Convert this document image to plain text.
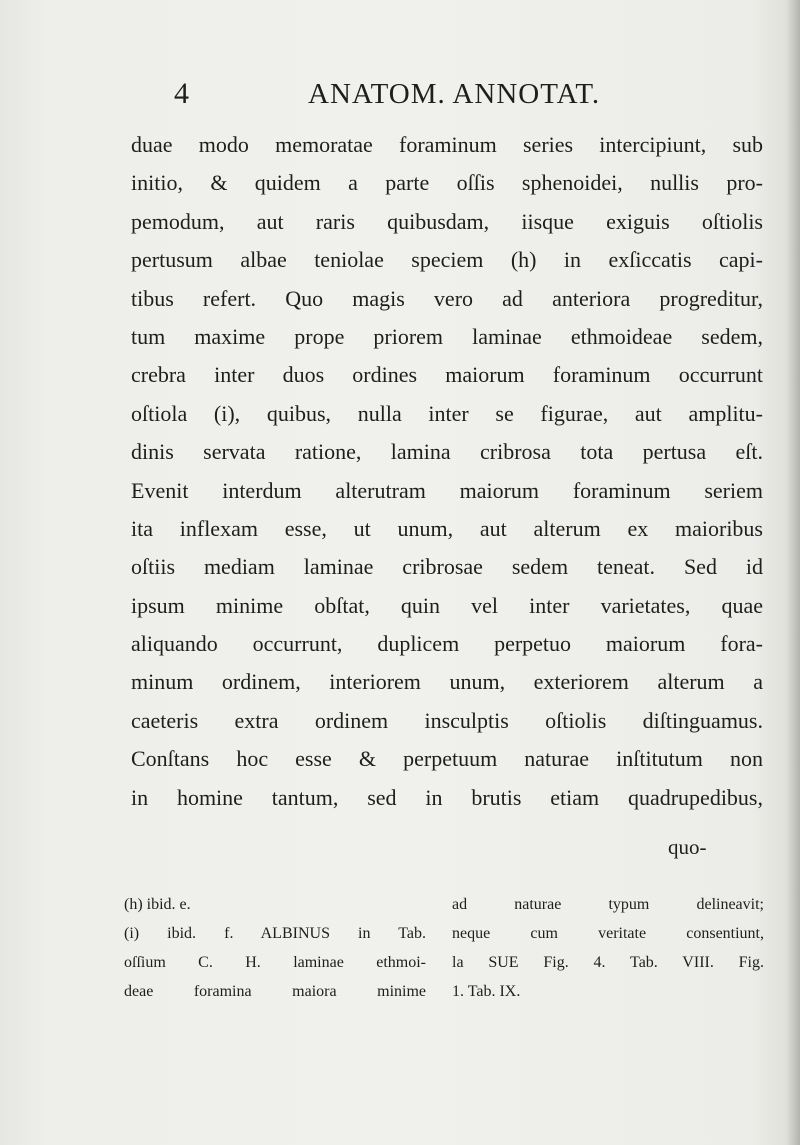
4	ANATOM. ANNOTAT.
duae modo memoratae foraminum series intercipiunt, sub
initio, & quidem a parte oſſis sphenoidei, nullis pro-
pemodum, aut raris quibusdam, iisque exiguis oſtiolis
pertusum albae teniolae speciem (h) in exſiccatis capi-
tibus refert. Quo magis vero ad anteriora progreditur,
tum maxime prope priorem laminae ethmoideae sedem,
crebra inter duos ordines maiorum foraminum occurrunt
oſtiola (i), quibus, nulla inter se figurae, aut amplitu-
dinis servata ratione, lamina cribrosa tota pertusa eſt.
Evenit interdum alterutram maiorum foraminum seriem
ita inflexam esse, ut unum, aut alterum ex maioribus
oſtiis mediam laminae cribrosae sedem teneat. Sed id
ipsum minime obſtat, quin vel inter varietates, quae
aliquando occurrunt, duplicem perpetuo maiorum fora-
minum ordinem, interiorem unum, exteriorem alterum a
caeteris extra ordinem insculptis oſtiolis diſtinguamus.
Conſtans hoc esse & perpetuum naturae inſtitutum non
in homine tantum, sed in brutis etiam quadrupedibus,
quo-
(h) ibid. e.
(i) ibid. f. ALBINUS in Tab.
oſſium C. H. laminae ethmoi-
deae foramina maiora minime
ad naturae typum delineavit;
neque cum veritate consentiunt,
la SUE Fig. 4. Tab. VIII. Fig.
1. Tab. IX.
